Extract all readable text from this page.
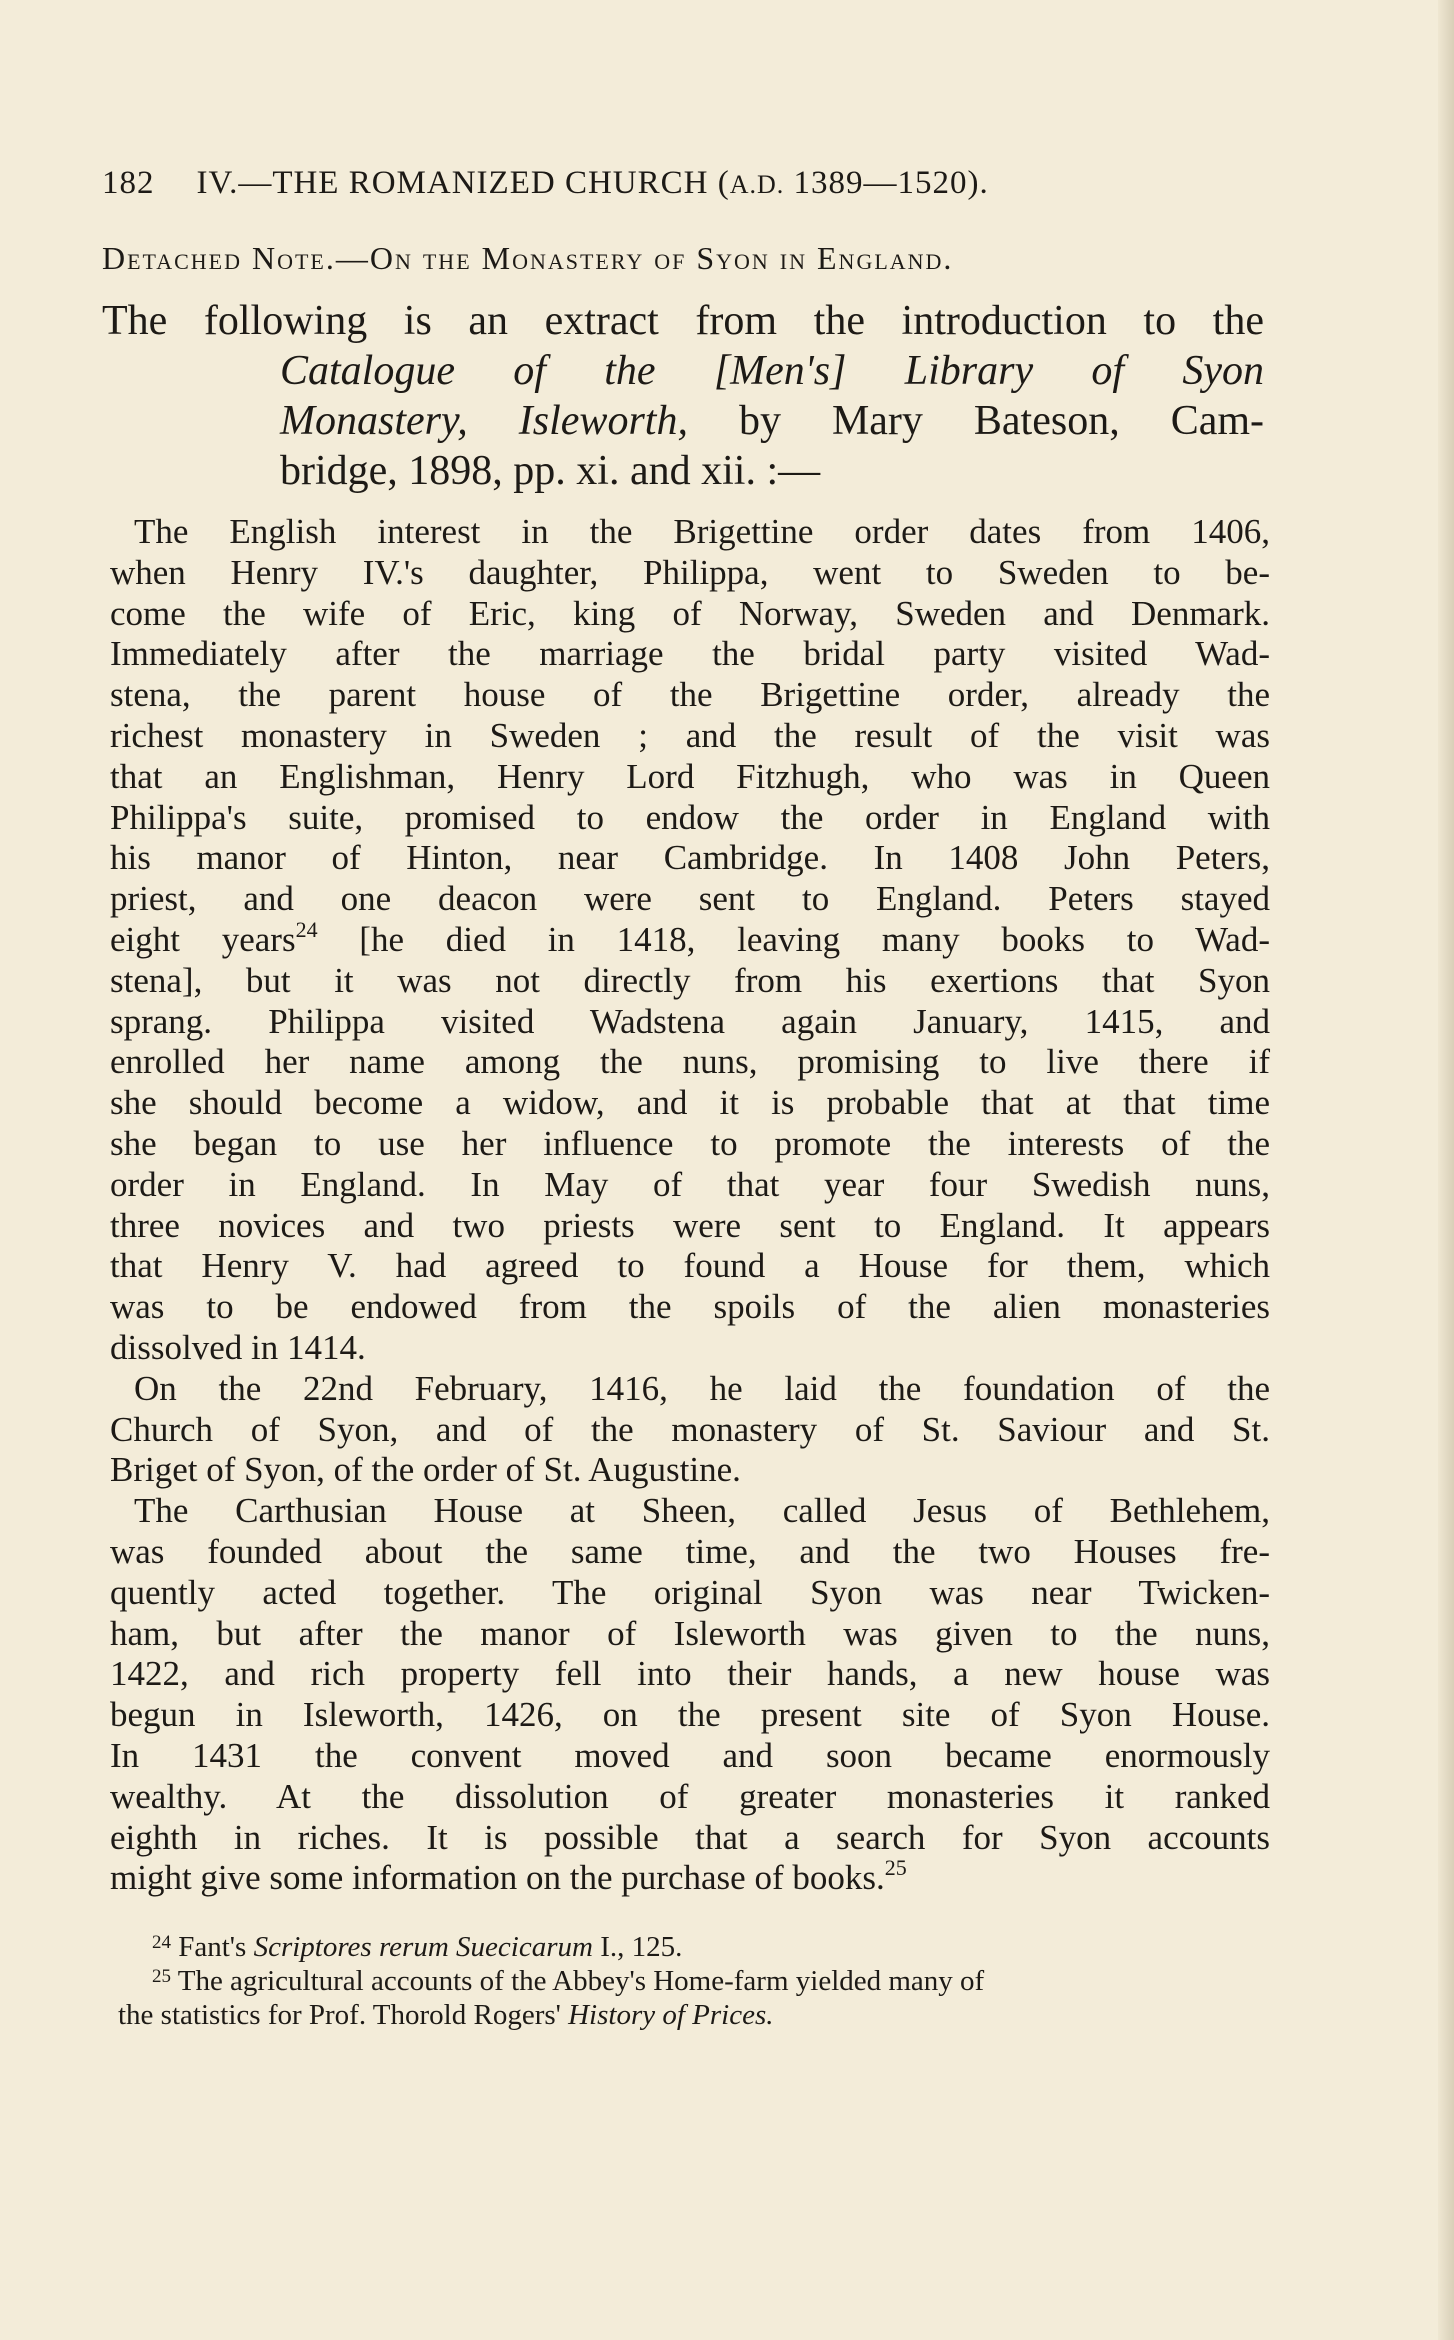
182 IV.—THE ROMANIZED CHURCH (A.D. 1389—1520).
Detached Note.—On the Monastery of Syon in England.
The following is an extract from the introduction to the
Catalogue of the [Men's] Library of Syon
Monastery, Isleworth, by Mary Bateson, Cam-
bridge, 1898, pp. xi. and xii. :—
The English interest in the Brigettine order dates from 1406,
when Henry IV.'s daughter, Philippa, went to Sweden to be-
come the wife of Eric, king of Norway, Sweden and Denmark.
Immediately after the marriage the bridal party visited Wad-
stena, the parent house of the Brigettine order, already the
richest monastery in Sweden ; and the result of the visit was
that an Englishman, Henry Lord Fitzhugh, who was in Queen
Philippa's suite, promised to endow the order in England with
his manor of Hinton, near Cambridge. In 1408 John Peters,
priest, and one deacon were sent to England. Peters stayed
eight years$^{24}$ [he died in 1418, leaving many books to Wad-
stena], but it was not directly from his exertions that Syon
sprang. Philippa visited Wadstena again January, 1415, and
enrolled her name among the nuns, promising to live there if
she should become a widow, and it is probable that at that time
she began to use her influence to promote the interests of the
order in England. In May of that year four Swedish nuns,
three novices and two priests were sent to England. It appears
that Henry V. had agreed to found a House for them, which
was to be endowed from the spoils of the alien monasteries
dissolved in 1414.
On the 22nd February, 1416, he laid the foundation of the
Church of Syon, and of the monastery of St. Saviour and St.
Briget of Syon, of the order of St. Augustine.
The Carthusian House at Sheen, called Jesus of Bethlehem,
was founded about the same time, and the two Houses fre-
quently acted together. The original Syon was near Twicken-
ham, but after the manor of Isleworth was given to the nuns,
1422, and rich property fell into their hands, a new house was
begun in Isleworth, 1426, on the present site of Syon House.
In 1431 the convent moved and soon became enormously
wealthy. At the dissolution of greater monasteries it ranked
eighth in riches. It is possible that a search for Syon accounts
might give some information on the purchase of books.$^{25}$
$^{24}$ Fant's Scriptores rerum Suecicarum I., 125.
$^{25}$ The agricultural accounts of the Abbey's Home-farm yielded many of
the statistics for Prof. Thorold Rogers' History of Prices.
